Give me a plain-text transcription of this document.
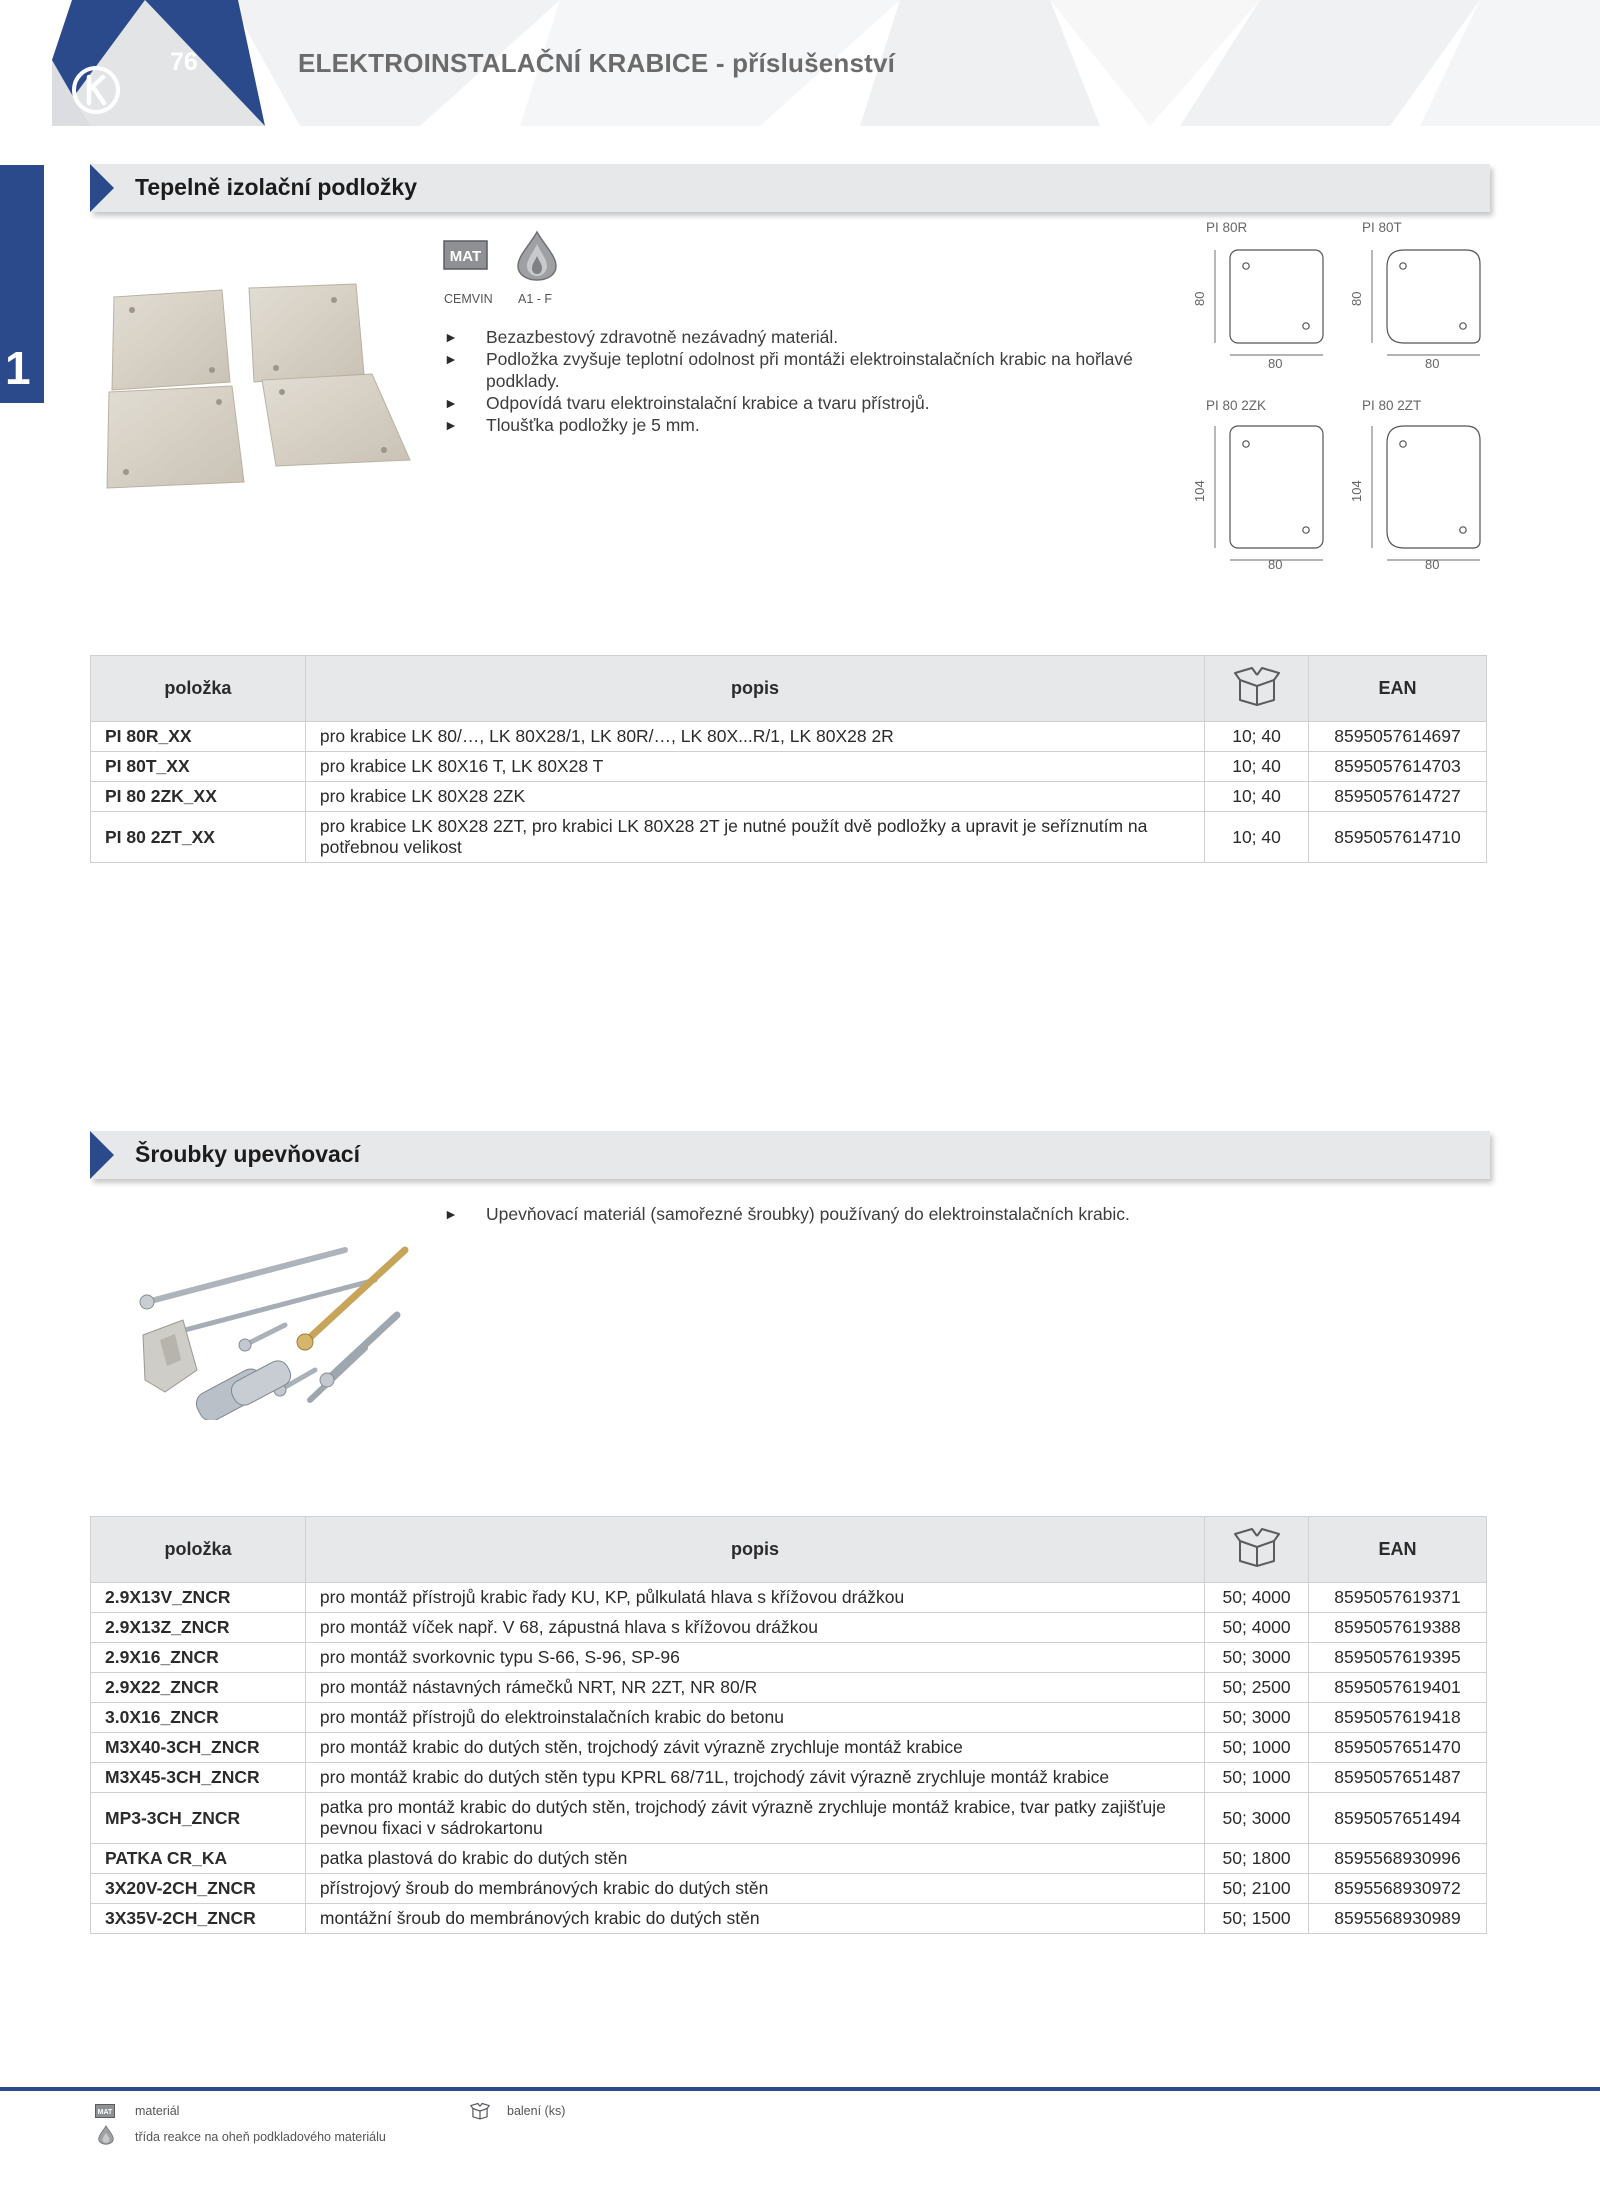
76	ELEKTROINSTALAČNÍ KRABICE - příslušenství
1
Tepelně izolační podložky
MAT
CEMVIN A1 - F
► Bezazbestový zdravotně nezávadný materiál.
► Podložka zvyšuje teplotní odolnost při montáži elektroinstalačních krabic na hořlavé podklady.
► Odpovídá tvaru elektroinstalační krabice a tvaru přístrojů.
► Tloušťka podložky je 5 mm.
PI 80R	PI 80T
PI 80 2ZK	PI 80 2ZT
80
80
80
80
104
80
104
80
položka	popis		EAN
PI 80R_XX	pro krabice LK 80/…, LK 80X28/1, LK 80R/…, LK 80X...R/1, LK 80X28 2R	10; 40	8595057614697
PI 80T_XX	pro krabice LK 80X16 T, LK 80X28 T	10; 40	8595057614703
PI 80 2ZK_XX	pro krabice LK 80X28 2ZK	10; 40	8595057614727
PI 80 2ZT_XX	pro krabice LK 80X28 2ZT, pro krabici LK 80X28 2T je nutné použít dvě podložky a upravit je seříznutím na potřebnou velikost	10; 40	8595057614710
Šroubky upevňovací
► Upevňovací materiál (samořezné šroubky) používaný do elektroinstalačních krabic.
položka	popis		EAN
2.9X13V_ZNCR	pro montáž přístrojů krabic řady KU, KP, půlkulatá hlava s křížovou drážkou	50; 4000	8595057619371
2.9X13Z_ZNCR	pro montáž víček např. V 68, zápustná hlava s křížovou drážkou	50; 4000	8595057619388
2.9X16_ZNCR	pro montáž svorkovnic typu S-66, S-96, SP-96	50; 3000	8595057619395
2.9X22_ZNCR	pro montáž nástavných rámečků NRT, NR 2ZT, NR 80/R	50; 2500	8595057619401
3.0X16_ZNCR	pro montáž přístrojů do elektroinstalačních krabic do betonu	50; 3000	8595057619418
M3X40-3CH_ZNCR	pro montáž krabic do dutých stěn, trojchodý závit výrazně zrychluje montáž krabice	50; 1000	8595057651470
M3X45-3CH_ZNCR	pro montáž krabic do dutých stěn typu KPRL 68/71L, trojchodý závit výrazně zrychluje montáž krabice	50; 1000	8595057651487
MP3-3CH_ZNCR	patka pro montáž krabic do dutých stěn, trojchodý závit výrazně zrychluje montáž krabice, tvar patky zajišťuje pevnou fixaci v sádrokartonu	50; 3000	8595057651494
PATKA CR_KA	patka plastová do krabic do dutých stěn	50; 1800	8595568930996
3X20V-2CH_ZNCR	přístrojový šroub do membránových krabic do dutých stěn	50; 2100	8595568930972
3X35V-2CH_ZNCR	montážní šroub do membránových krabic do dutých stěn	50; 1500	8595568930989
MAT materiál	balení (ks)
třída reakce na oheň podkladového materiálu
